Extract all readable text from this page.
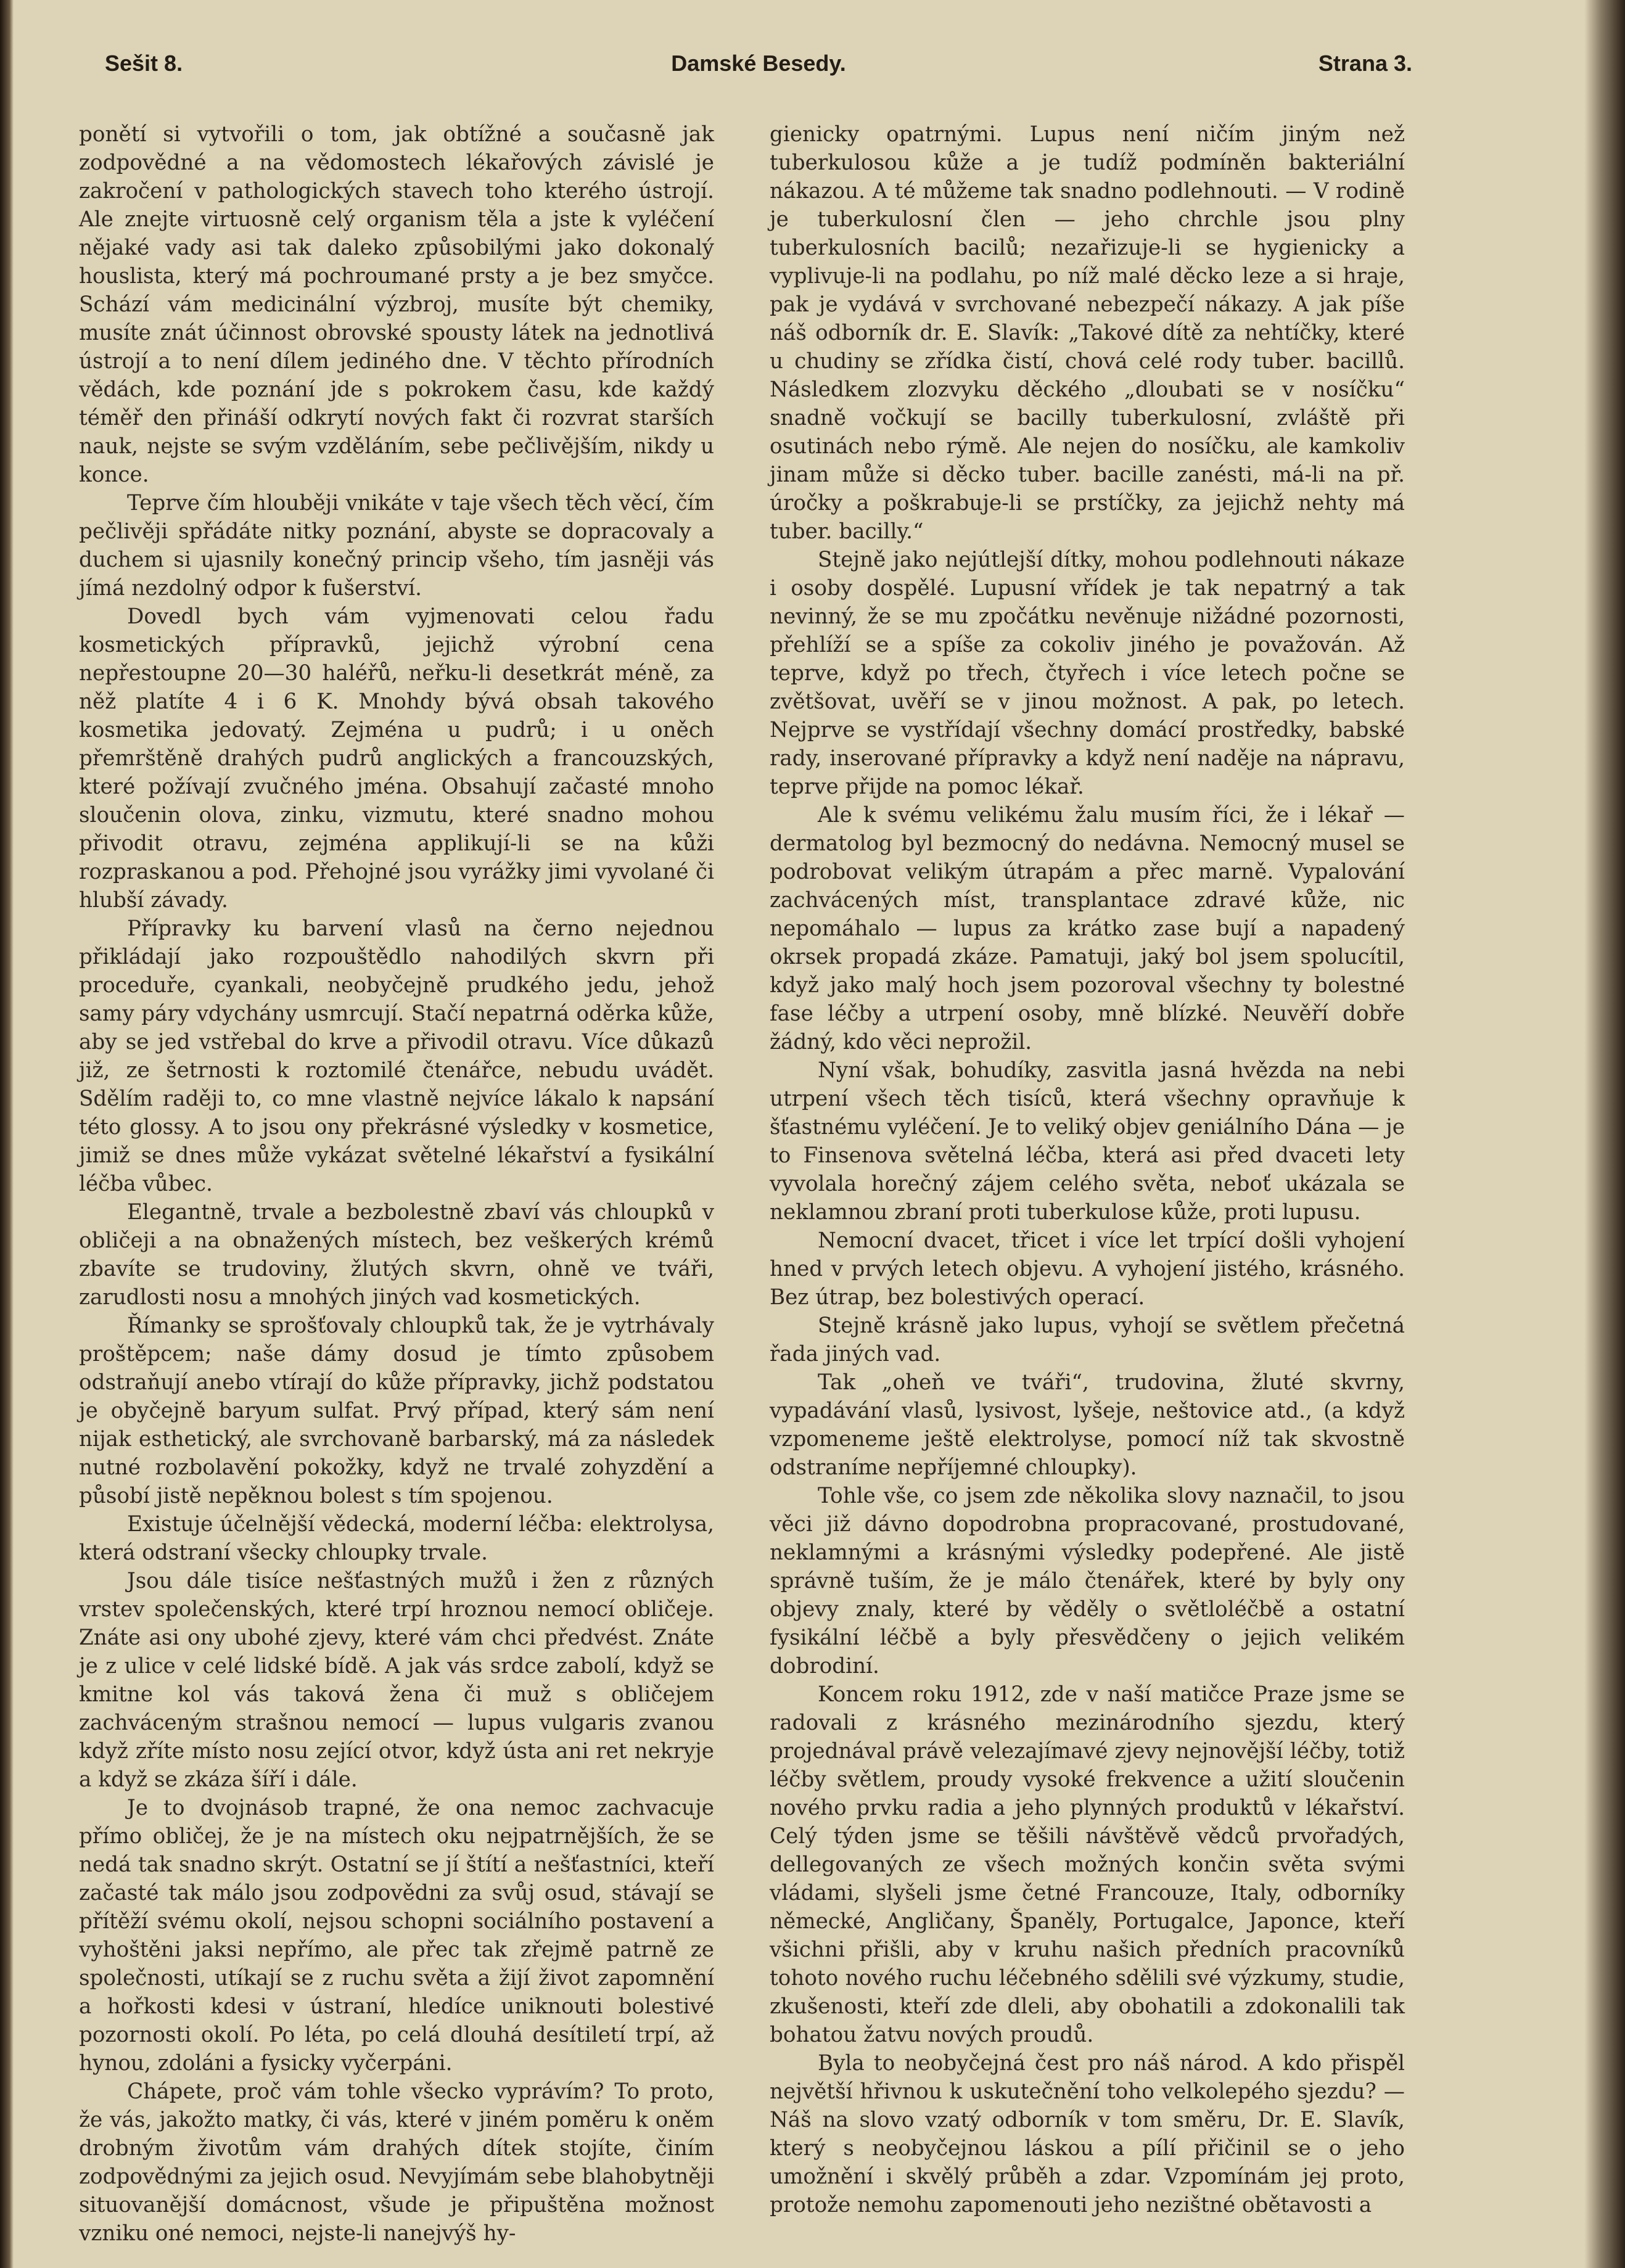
Sešit 8.	Damské Besedy.	Strana 3.

ponětí si vytvořili o tom, jak obtížné a současně jak zodpovědné a na vědomostech lékařových závislé je zakročení v pathologických stavech toho kterého ústrojí. Ale znejte virtuosně celý organism těla a jste k vyléčení nějaké vady asi tak daleko způsobilými jako dokonalý houslista, který má pochroumané prsty a je bez smyčce. Schází vám medicinální výzbroj, musíte být chemiky, musíte znát účinnost obrovské spousty látek na jednotlivá ústrojí a to není dílem jediného dne. V těchto přírodních vědách, kde poznání jde s pokrokem času, kde každý téměř den přináší odkrytí nových fakt či rozvrat starších nauk, nejste se svým vzděláním, sebe pečlivějším, nikdy u konce.

Teprve čím hlouběji vnikáte v taje všech těch věcí, čím pečlivěji spřádáte nitky poznání, abyste se dopracovaly a duchem si ujasnily konečný princip všeho, tím jasněji vás jímá nezdolný odpor k fušerství.

Dovedl bych vám vyjmenovati celou řadu kosmetických přípravků, jejichž výrobní cena nepřestoupne 20—30 haléřů, neřku-li desetkrát méně, za něž platíte 4 i 6 K. Mnohdy bývá obsah takového kosmetika jedovatý. Zejména u pudrů; i u oněch přemrštěně drahých pudrů anglických a francouzských, které požívají zvučného jména. Obsahují začasté mnoho sloučenin olova, zinku, vizmutu, které snadno mohou přivodit otravu, zejména applikují-li se na kůži rozpraskanou a pod. Přehojné jsou vyrážky jimi vyvolané či hlubší závady.

Přípravky ku barvení vlasů na černo nejednou přikládají jako rozpouštědlo nahodilých skvrn při proceduře, cyankali, neobyčejně prudkého jedu, jehož samy páry vdychány usmrcují. Stačí nepatrná oděrka kůže, aby se jed vstřebal do krve a přivodil otravu. Více důkazů již, ze šetrnosti k roztomilé čtenářce, nebudu uvádět. Sdělím raději to, co mne vlastně nejvíce lákalo k napsání této glossy. A to jsou ony překrásné výsledky v kosmetice, jimiž se dnes může vykázat světelné lékařství a fysikální léčba vůbec.

Elegantně, trvale a bezbolestně zbaví vás chloupků v obličeji a na obnažených místech, bez veškerých krémů zbavíte se trudoviny, žlutých skvrn, ohně ve tváři, zarudlosti nosu a mnohých jiných vad kosmetických.

Římanky se sprošťovaly chloupků tak, že je vytrhávaly proštěpcem; naše dámy dosud je tímto způsobem odstraňují anebo vtírají do kůže přípravky, jichž podstatou je obyčejně baryum sulfat. Prvý případ, který sám není nijak esthetický, ale svrchovaně barbarský, má za následek nutné rozbolavění pokožky, když ne trvalé zohyzdění a působí jistě nepěknou bolest s tím spojenou.

Existuje účelnější vědecká, moderní léčba: elektrolysa, která odstraní všecky chloupky trvale.

Jsou dále tisíce nešťastných mužů i žen z různých vrstev společenských, které trpí hroznou nemocí obličeje. Znáte asi ony ubohé zjevy, které vám chci předvést. Znáte je z ulice v celé lidské bídě. A jak vás srdce zabolí, když se kmitne kol vás taková žena či muž s obličejem zachváceným strašnou nemocí — lupus vulgaris zvanou když zříte místo nosu zející otvor, když ústa ani ret nekryje a když se zkáza šíří i dále.

Je to dvojnásob trapné, že ona nemoc zachvacuje přímo obličej, že je na místech oku nejpatrnějších, že se nedá tak snadno skrýt. Ostatní se jí štítí a nešťastníci, kteří začasté tak málo jsou zodpovědni za svůj osud, stávají se přítěží svému okolí, nejsou schopni sociálního postavení a vyhoštěni jaksi nepřímo, ale přec tak zřejmě patrně ze společnosti, utíkají se z ruchu světa a žijí život zapomnění a hořkosti kdesi v ústraní, hledíce uniknouti bolestivé pozornosti okolí. Po léta, po celá dlouhá desítiletí trpí, až hynou, zdoláni a fysicky vyčerpáni.

Chápete, proč vám tohle všecko vyprávím? To proto, že vás, jakožto matky, či vás, které v jiném poměru k oněm drobným životům vám drahých dítek stojíte, činím zodpovědnými za jejich osud. Nevyjímám sebe blahobytněji situovanější domácnost, všude je připuštěna možnost vzniku oné nemoci, nejste-li nanejvýš hy-

gienicky opatrnými. Lupus není ničím jiným než tuberkulosou kůže a je tudíž podmíněn bakteriální nákazou. A té můžeme tak snadno podlehnouti. — V rodině je tuberkulosní člen — jeho chrchle jsou plny tuberkulosních bacilů; nezařizuje-li se hygienicky a vyplivuje-li na podlahu, po níž malé děcko leze a si hraje, pak je vydává v svrchované nebezpečí nákazy. A jak píše náš odborník dr. E. Slavík: „Takové dítě za nehtíčky, které u chudiny se zřídka čistí, chová celé rody tuber. bacillů. Následkem zlozvyku děckého „dloubati se v nosíčku“ snadně vočkují se bacilly tuberkulosní, zvláště při osutinách nebo rýmě. Ale nejen do nosíčku, ale kamkoliv jinam může si děcko tuber. bacille zanésti, má-li na př. úročky a poškrabuje-li se prstíčky, za jejichž nehty má tuber. bacilly.“

Stejně jako nejútlejší dítky, mohou podlehnouti nákaze i osoby dospělé. Lupusní vřídek je tak nepatrný a tak nevinný, že se mu zpočátku nevěnuje nižádné pozornosti, přehlíží se a spíše za cokoliv jiného je považován. Až teprve, když po třech, čtyřech i více letech počne se zvětšovat, uvěří se v jinou možnost. A pak, po letech. Nejprve se vystřídají všechny domácí prostředky, babské rady, inserované přípravky a když není naděje na nápravu, teprve přijde na pomoc lékař.

Ale k svému velikému žalu musím říci, že i lékař — dermatolog byl bezmocný do nedávna. Nemocný musel se podrobovat velikým útrapám a přec marně. Vypalování zachvácených míst, transplantace zdravé kůže, nic nepomáhalo — lupus za krátko zase bují a napadený okrsek propadá zkáze. Pamatuji, jaký bol jsem spolucítil, když jako malý hoch jsem pozoroval všechny ty bolestné fase léčby a utrpení osoby, mně blízké. Neuvěří dobře žádný, kdo věci neprožil.

Nyní však, bohudíky, zasvitla jasná hvězda na nebi utrpení všech těch tisíců, která všechny opravňuje k šťastnému vyléčení. Je to veliký objev geniálního Dána — je to Finsenova světelná léčba, která asi před dvaceti lety vyvolala horečný zájem celého světa, neboť ukázala se neklamnou zbraní proti tuberkulose kůže, proti lupusu.

Nemocní dvacet, třicet i více let trpící došli vyhojení hned v prvých letech objevu. A vyhojení jistého, krásného. Bez útrap, bez bolestivých operací.

Stejně krásně jako lupus, vyhojí se světlem přečetná řada jiných vad.

Tak „oheň ve tváři“, trudovina, žluté skvrny, vypadávání vlasů, lysivost, lyšeje, neštovice atd., (a když vzpomeneme ještě elektrolyse, pomocí níž tak skvostně odstraníme nepříjemné chloupky).

Tohle vše, co jsem zde několika slovy naznačil, to jsou věci již dávno dopodrobna propracované, prostudované, neklamnými a krásnými výsledky podepřené. Ale jistě správně tuším, že je málo čtenářek, které by byly ony objevy znaly, které by věděly o světloléčbě a ostatní fysikální léčbě a byly přesvědčeny o jejich velikém dobrodiní.

Koncem roku 1912, zde v naší matičce Praze jsme se radovali z krásného mezinárodního sjezdu, který projednával právě velezajímavé zjevy nejnovější léčby, totiž léčby světlem, proudy vysoké frekvence a užití sloučenin nového prvku radia a jeho plynných produktů v lékařství. Celý týden jsme se těšili návštěvě vědců prvořadých, dellegovaných ze všech možných končin světa svými vládami, slyšeli jsme četné Francouze, Italy, odborníky německé, Angličany, Španěly, Portugalce, Japonce, kteří všichni přišli, aby v kruhu našich předních pracovníků tohoto nového ruchu léčebného sdělili své výzkumy, studie, zkušenosti, kteří zde dleli, aby obohatili a zdokonalili tak bohatou žatvu nových proudů.

Byla to neobyčejná čest pro náš národ. A kdo přispěl největší hřivnou k uskutečnění toho velkolepého sjezdu? — Náš na slovo vzatý odborník v tom směru, Dr. E. Slavík, který s neobyčejnou láskou a pílí přičinil se o jeho umožnění i skvělý průběh a zdar. Vzpomínám jej proto, protože nemohu zapomenouti jeho nezištné obětavosti a
